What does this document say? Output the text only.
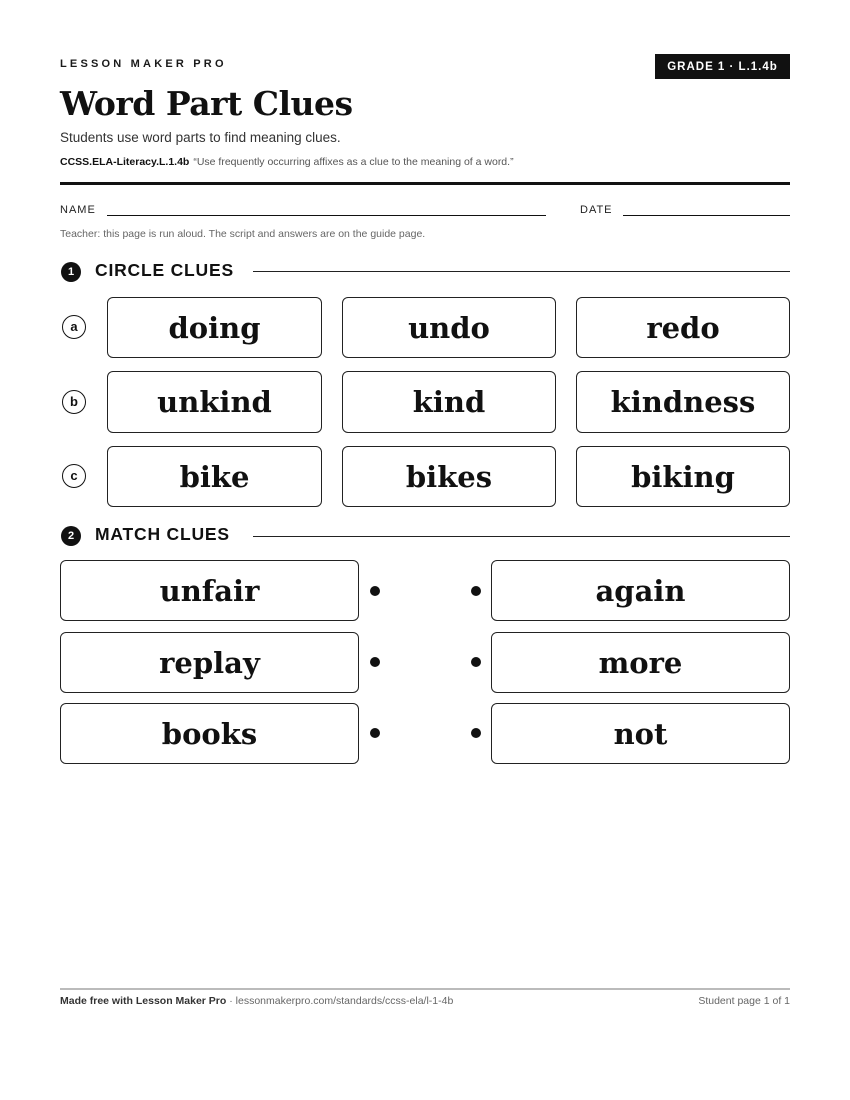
LESSON MAKER PRO	GRADE 1 · L.1.4b
Word Part Clues
Students use word parts to find meaning clues.
CCSS.ELA-Literacy.L.1.4b “Use frequently occurring affixes as a clue to the meaning of a word.”
NAME	DATE
Teacher: this page is run aloud. The script and answers are on the guide page.
1	CIRCLE CLUES
a	doing	undo	redo
b	unkind	kind	kindness
c	bike	bikes	biking
2	MATCH CLUES
unfair	again
replay	more
books	not
Made free with Lesson Maker Pro · lessonmakerpro.com/standards/ccss-ela/l-1-4b	Student page 1 of 1
